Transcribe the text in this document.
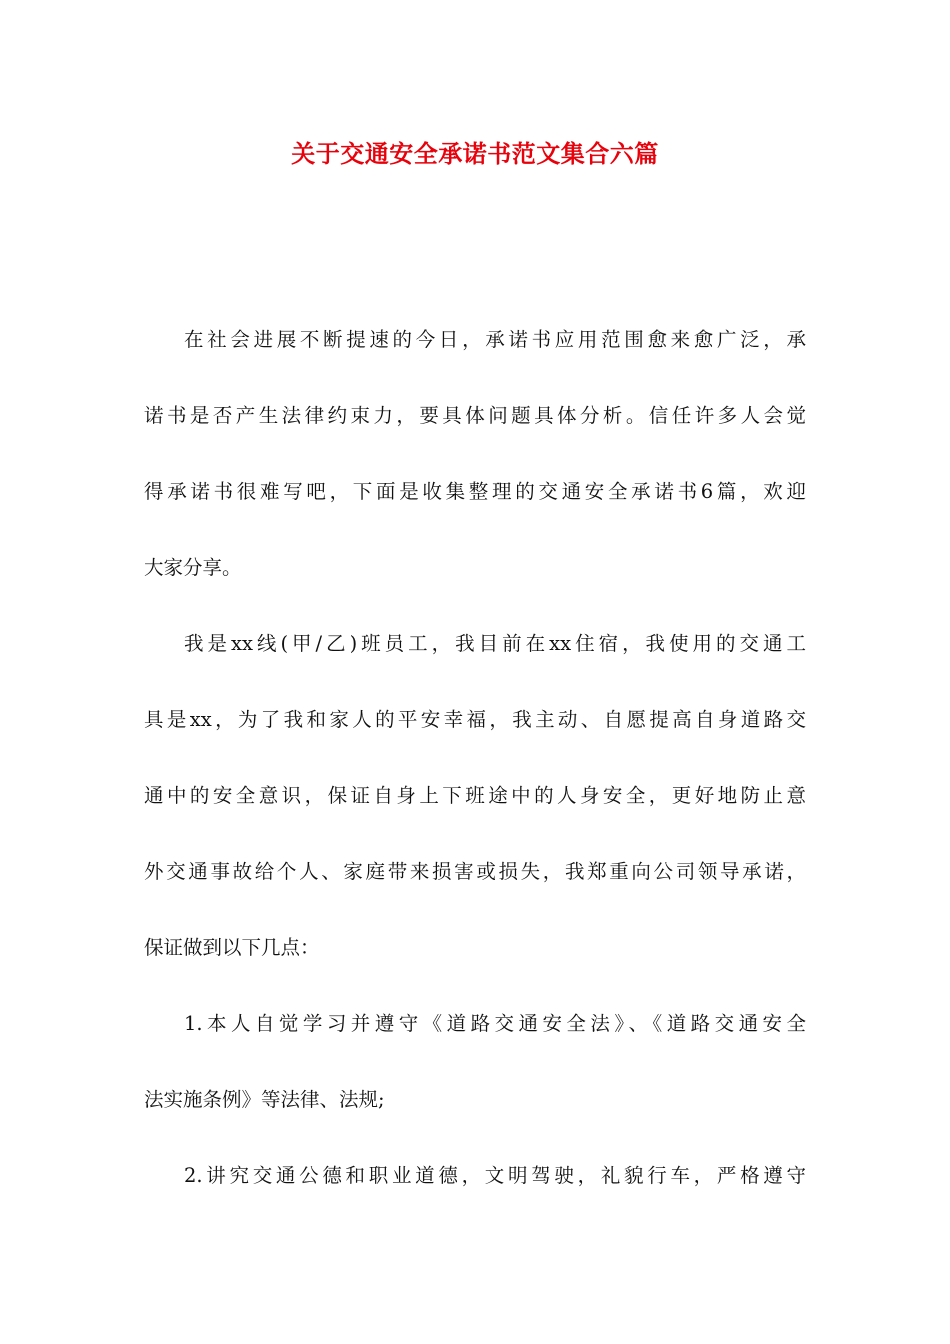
关于交通安全承诺书范文集合六篇

在社会进展不断提速的今日，承诺书应用范围愈来愈广泛，承

诺书是否产生法律约束力，要具体问题具体分析。信任许多人会觉

得承诺书很难写吧，下面是收集整理的交通安全承诺书6篇，欢迎

大家分享。

我是xx线(甲/乙)班员工，我目前在xx住宿，我使用的交通工

具是xx，为了我和家人的平安幸福，我主动、自愿提高自身道路交

通中的安全意识，保证自身上下班途中的人身安全，更好地防止意

外交通事故给个人、家庭带来损害或损失，我郑重向公司领导承诺，

保证做到以下几点：

1.本人自觉学习并遵守《道路交通安全法》、《道路交通安全

法实施条例》等法律、法规;

2.讲究交通公德和职业道德，文明驾驶，礼貌行车，严格遵守
